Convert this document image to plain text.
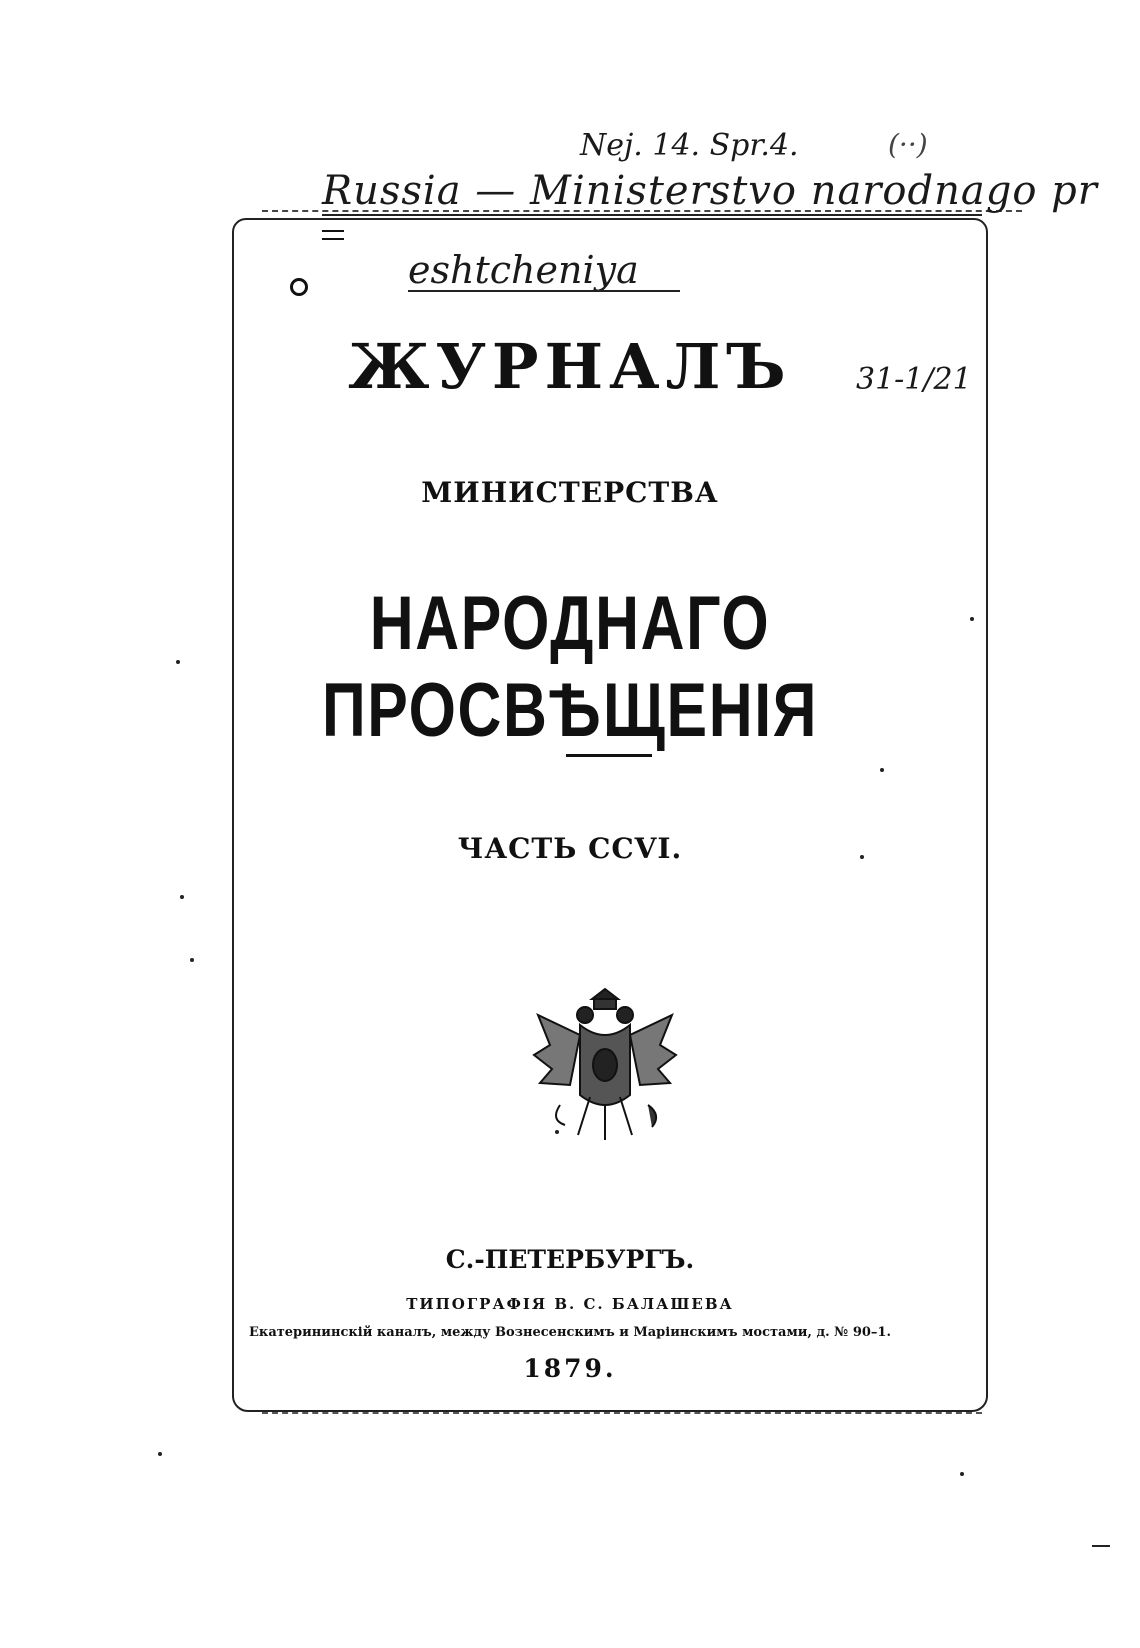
Nej. 14. Spr.4.	(··)
Russia — Ministerstvo narodnago pr
eshtcheniya
31-1/21
ЖУРНАЛЪ
МИНИСТЕРСТВА
НАРОДНАГО ПРОСВѢЩЕНІЯ
ЧАСТЬ CCVI.
С.-ПЕТЕРБУРГЪ.
ТИПОГРАФІЯ В. С. БАЛАШЕВА
Екатерининскій каналъ, между Вознесенскимъ и Маріинскимъ мостами, д. № 90–1.
1879.
